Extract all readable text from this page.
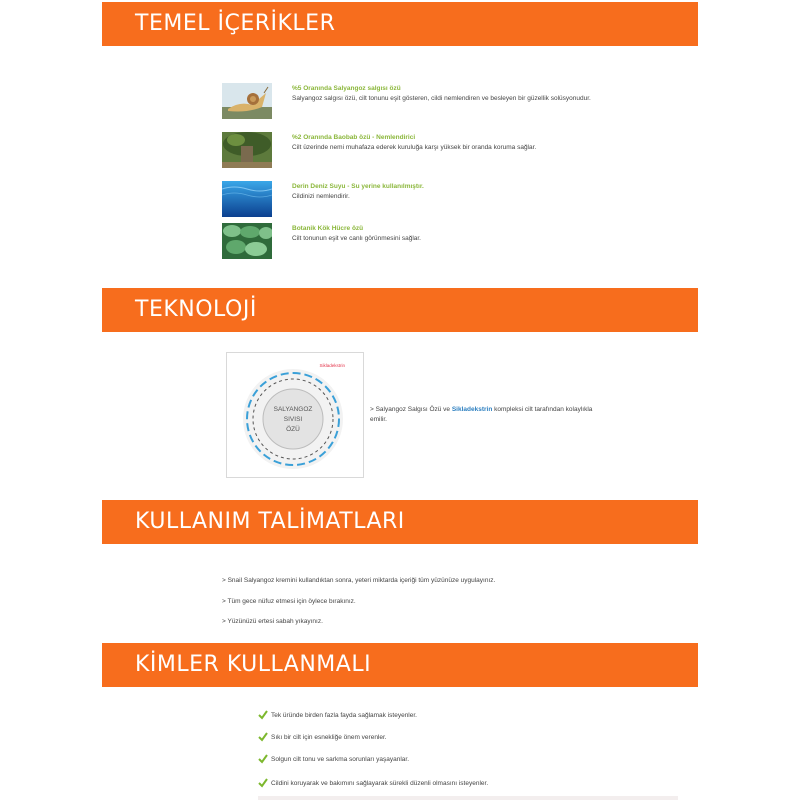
TEMEL İÇERİKLER
%5 Oranında Salyangoz salgısı özü
Salyangoz salgısı özü, cilt tonunu eşit gösteren, cildi nemlendiren ve besleyen bir güzellik solüsyonudur.
%2 Oranında Baobab özü - Nemlendirici
Cilt üzerinde nemi muhafaza ederek kuruluğa karşı yüksek bir oranda koruma sağlar.
Derin Deniz Suyu - Su yerine kullanılmıştır.
Cildinizi nemlendirir.
Botanik Kök Hücre özü
Cilt tonunun eşit ve canlı görünmesini sağlar.
TEKNOLOJİ
SALYANGOZ
SIVISI
ÖZÜ
Sikladekstrin
> Salyangoz Salgısı Özü ve Sikladekstrin kompleksi cilt tarafından kolaylıkla emilir.
KULLANIM TALİMATLARI
> Snail Salyangoz kremini kullandıktan sonra, yeteri miktarda içeriği tüm yüzünüze uygulayınız.
> Tüm gece nüfuz etmesi için öylece bırakınız.
> Yüzünüzü ertesi sabah yıkayınız.
KİMLER KULLANMALI
Tek üründe birden fazla fayda sağlamak isteyenler.
Sıkı bir cilt için esnekliğe önem verenler.
Solgun cilt tonu ve sarkma sorunları yaşayanlar.
Cildini koruyarak ve bakımını sağlayarak sürekli düzenli olmasını isteyenler.
